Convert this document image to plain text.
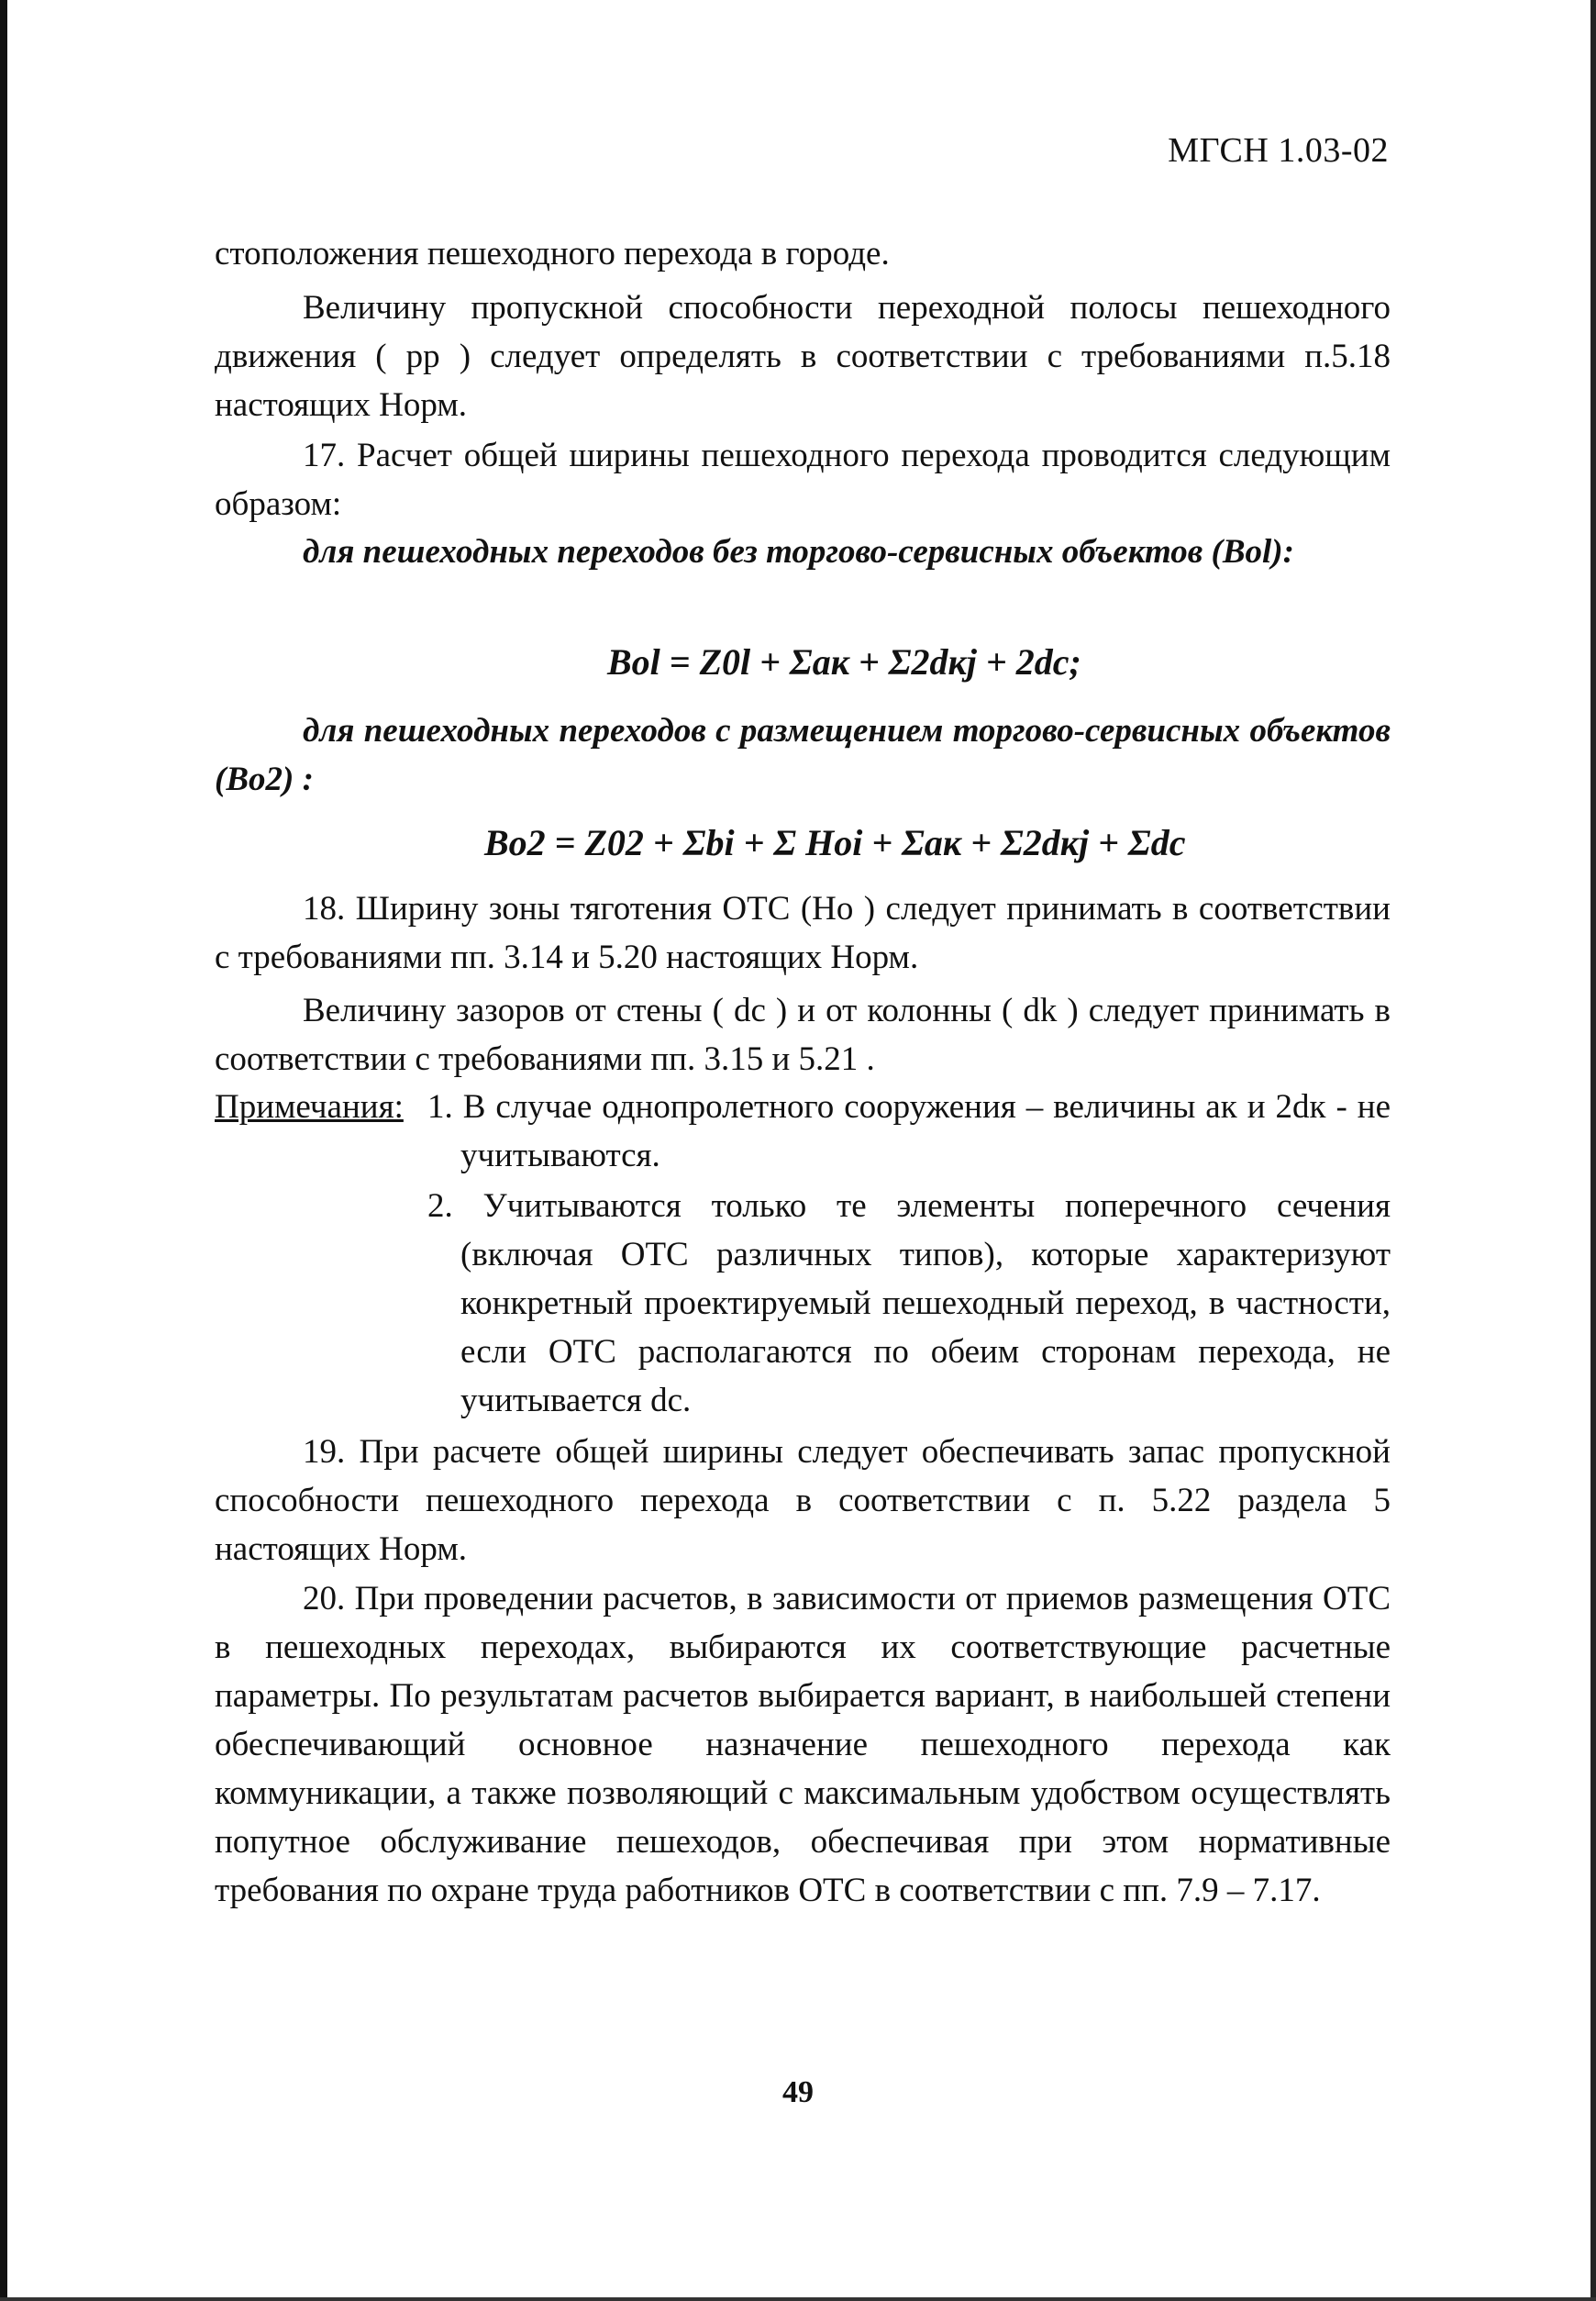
МГСН 1.03-02
стоположения пешеходного перехода в городе.
Величину пропускной способности переходной полосы пешеходного движения ( pp ) следует определять в соответствии с требованиями п.5.18 настоящих Норм.
17. Расчет общей ширины пешеходного перехода проводится следующим образом:
для пешеходных переходов без торгово-сервисных объектов (Bol):
Bol = Z0l + Σaк + Σ2dкj + 2dc;
для пешеходных переходов с размещением торгово-сервисных объектов (Bo2) :
Bo2 = Z02 + Σbi + Σ Hoi + Σaк + Σ2dкj + Σdc
18. Ширину зоны тяготения ОТС (Ho ) следует принимать в соответствии с требованиями пп. 3.14 и 5.20 настоящих Норм.
Величину зазоров от стены ( dc ) и от колонны ( dk ) следует принимать в соответствии с требованиями пп. 3.15 и 5.21 .
Примечания: 1. В случае однопролетного сооружения – величины aк и 2dк - не учитываются.
2. Учитываются только те элементы поперечного сечения (включая ОТС различных типов), которые характеризуют конкретный проектируемый пешеходный переход, в частности, если ОТС располагаются по обеим сторонам перехода, не учитывается dc.
19. При расчете общей ширины следует обеспечивать запас пропускной способности пешеходного перехода в соответствии с п. 5.22 раздела 5 настоящих Норм.
20. При проведении расчетов, в зависимости от приемов размещения ОТС в пешеходных переходах, выбираются их соответствующие расчетные параметры. По результатам расчетов выбирается вариант, в наибольшей степени обеспечивающий основное назначение пешеходного перехода как коммуникации, а также позволяющий с максимальным удобством осуществлять попутное обслуживание пешеходов, обеспечивая при этом нормативные требования по охране труда работников ОТС в соответствии с пп. 7.9 – 7.17.
49
